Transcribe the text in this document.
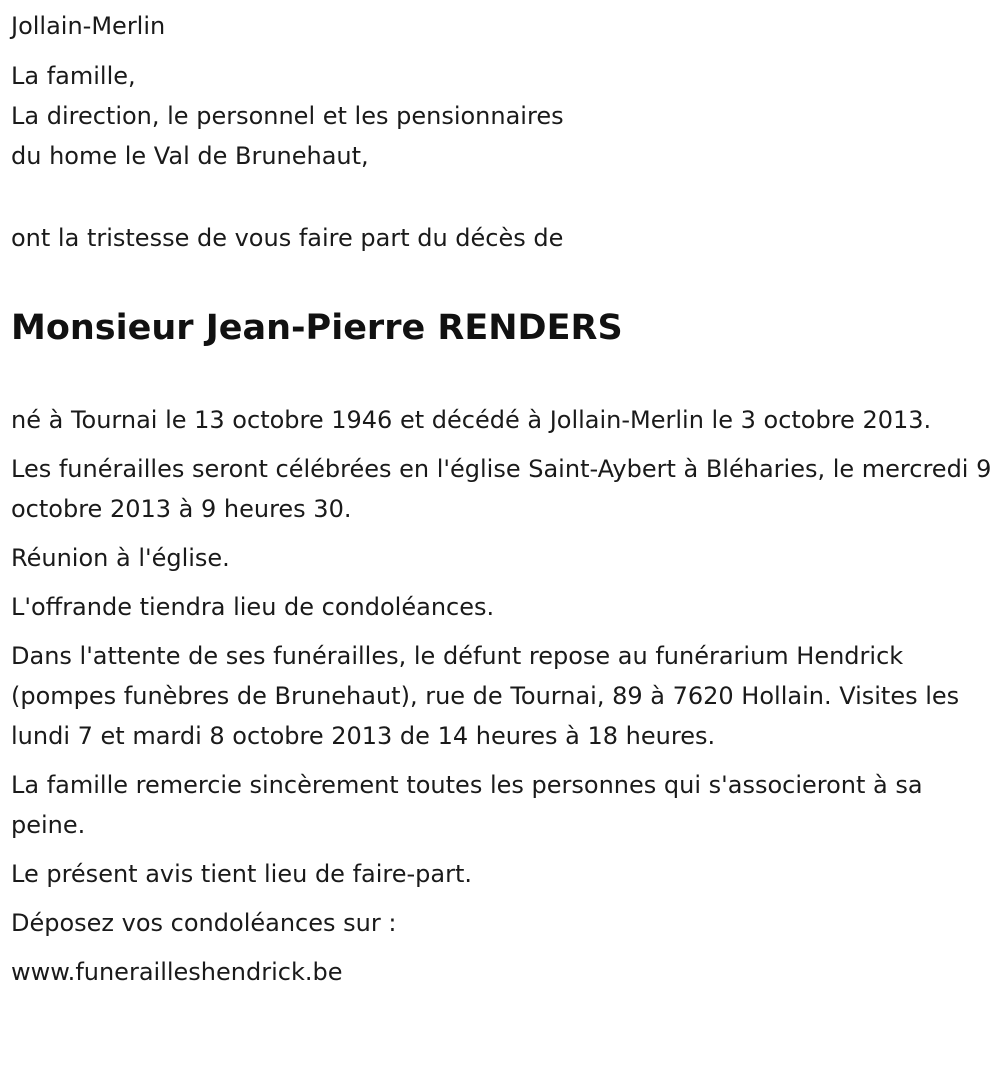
Jollain-Merlin

La famille,
La direction, le personnel et les pensionnaires
du home le Val de Brunehaut,

ont la tristesse de vous faire part du décès de

Monsieur Jean-Pierre RENDERS

né à Tournai le 13 octobre 1946 et décédé à Jollain-Merlin le 3 octobre 2013.

Les funérailles seront célébrées en l'église Saint-Aybert à Bléharies, le mercredi 9 octobre 2013 à 9 heures 30.

Réunion à l'église.

L'offrande tiendra lieu de condoléances.

Dans l'attente de ses funérailles, le défunt repose au funérarium Hendrick (pompes funèbres de Brunehaut), rue de Tournai, 89 à 7620 Hollain. Visites les lundi 7 et mardi 8 octobre 2013 de 14 heures à 18 heures.

La famille remercie sincèrement toutes les personnes qui s'associeront à sa peine.

Le présent avis tient lieu de faire-part.

Déposez vos condoléances sur :

www.funerailleshendrick.be
